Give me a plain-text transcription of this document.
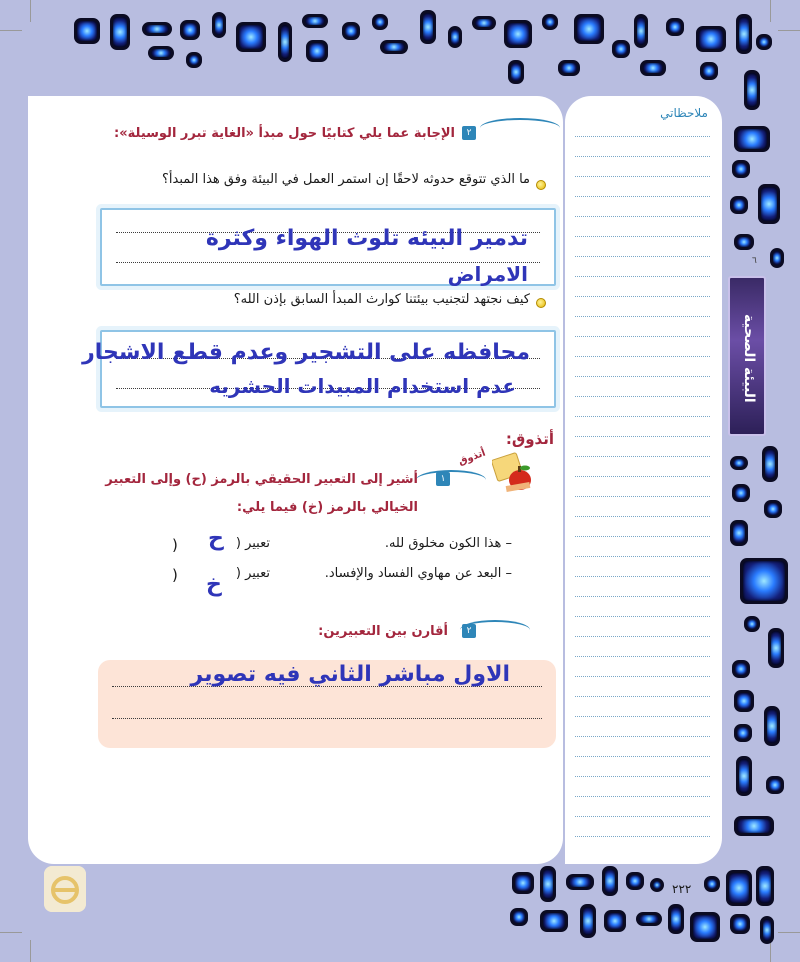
ملاحظاتي
٦
البيئة الصحية
٢
الإجابة عما يلي كتابيًا حول مبدأ «الغاية تبرر الوسيلة»:
ما الذي تتوقع حدوثه لاحقًا إن استمر العمل في البيئة وفق هذا المبدأ؟
تدمير البيئه تلوث الهواء وكثرة
الامراض
كيف نجتهد لتجنيب بيئتنا كوارث المبدأ السابق بإذن الله؟
محافظه على التشجير وعدم قطع الاشجار
عدم استخدام المبيدات الحشريه
أتذوق:
أتذوق
١
أشير إلى التعبير الحقيقي بالرمز (ح) وإلى التعبير
الخيالي بالرمز (خ) فيما يلي:
– هذا الكون مخلوق لله.
تعبير (
ح
)
– البعد عن مهاوي الفساد والإفساد.
تعبير (
خ
)
٢
أقارن بين التعبيرين:
الاول مباشر الثاني فيه تصوير
٢٢٢
